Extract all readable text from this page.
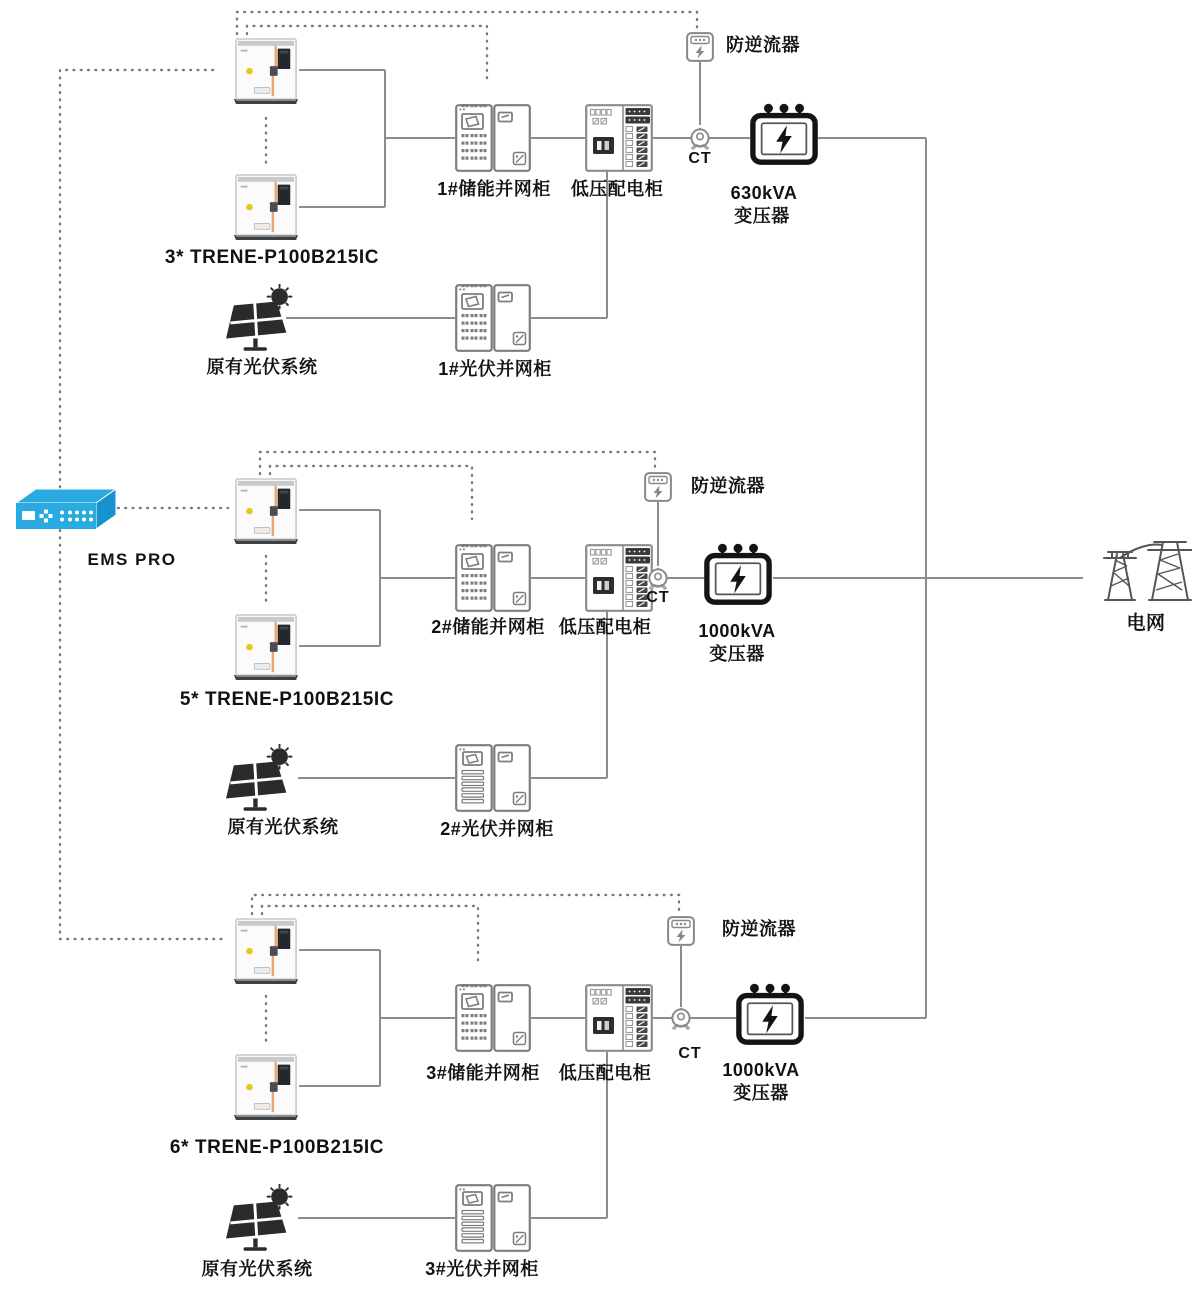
EMS PRO
3* TRENE-P100B215IC
原有光伏系统
1#储能并网柜 低压配电柜
1#光伏并网柜
防逆流器
CT
630kVA
变压器
5* TRENE-P100B215IC
原有光伏系统
2#储能并网柜 低压配电柜
2#光伏并网柜
防逆流器
CT
1000kVA
变压器
6* TRENE-P100B215IC
原有光伏系统
3#储能并网柜 低压配电柜
3#光伏并网柜
防逆流器
CT
1000kVA
变压器
电网
